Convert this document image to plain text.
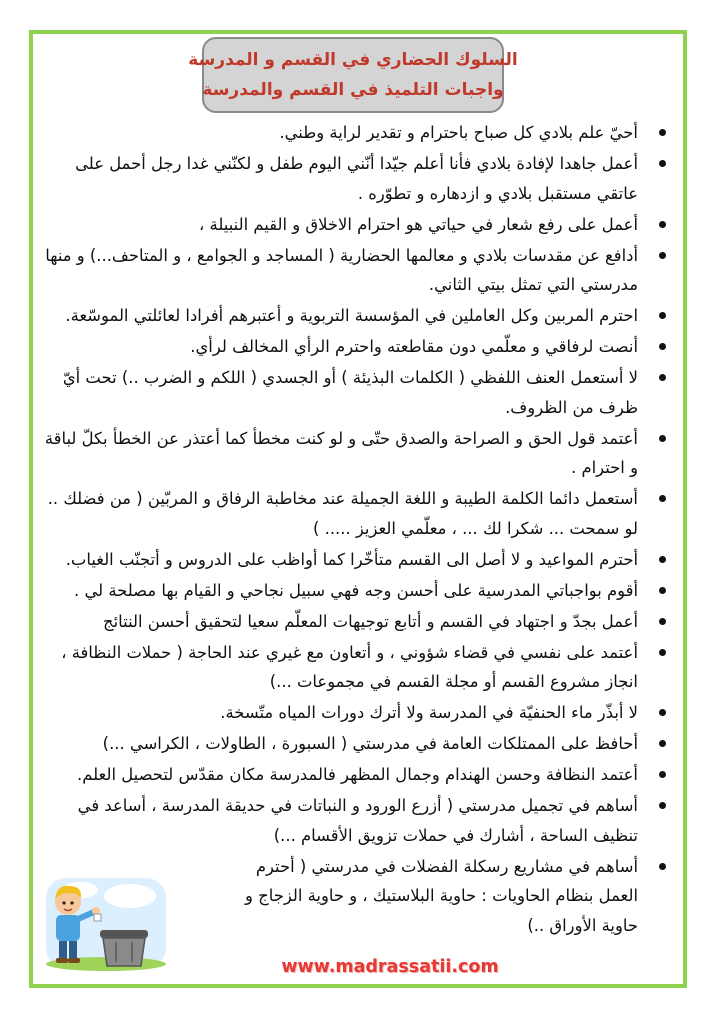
السلوك الحضاري في القسم و المدرسة
واجبات التلميذ في القسم والمدرسة
أحيّ علم بلادي كل صباح باحترام و تقدير لراية وطني.
أعمل جاهدا لإفادة بلادي فأنا أعلم جيّدا أنّني اليوم طفل و لكنّني غدا رجل أحمل على عاتقي مستقبل بلادي و ازدهاره و تطوّره .
أعمل على رفع شعار في حياتي هو احترام الاخلاق و القيم النبيلة ،
أدافع عن مقدسات بلادي و معالمها الحضارية ( المساجد و الجوامع ، و المتاحف...) و منها مدرستي التي تمثل بيتي الثاني.
احترم المربين وكل العاملين في المؤسسة التربوية و أعتبرهم أفرادا لعائلتي الموسّعة.
أنصت لرفاقي و معلّمي دون مقاطعته واحترم الرأي المخالف لرأي.
لا أستعمل العنف اللفظي ( الكلمات البذيئة ) أو الجسدي ( اللكم و الضرب ..) تحت أيّ ظرف من الظروف.
أعتمد قول الحق و الصراحة والصدق حتّى و لو كنت مخطأ كما أعتذر عن الخطأ بكلّ لباقة و احترام .
أستعمل دائما الكلمة الطيبة و اللغة الجميلة عند مخاطبة الرفاق و المربّين ( من فضلك .. لو سمحت ... شكرا لك ... ، معلّمي العزيز ..... )
أحترم المواعيد و لا أصل الى القسم متأخّرا كما أواظب على الدروس و أتجنّب الغياب.
أقوم بواجباتي المدرسية على أحسن وجه فهي سبيل نجاحي و القيام بها مصلحة لي .
أعمل بجدّ و اجتهاد في القسم و أتابع توجيهات المعلّم سعيا لتحقيق أحسن النتائج
أعتمد على نفسي في قضاء شؤوني ، و أتعاون مع غيري عند الحاجة ( حملات النظافة ، انجاز مشروع القسم أو مجلة القسم في مجموعات ...)
لا أبذّر ماء الحنفيّة في المدرسة ولا أترك دورات المياه متّسخة.
أحافظ على الممتلكات العامة في مدرستي ( السبورة ، الطاولات ، الكراسي ...)
أعتمد النظافة وحسن الهندام وجمال المظهر فالمدرسة مكان مقدّس لتحصيل العلم.
أساهم في تجميل مدرستي ( أزرع الورود و النباتات في حديقة المدرسة ، أساعد في تنظيف الساحة ، أشارك في حملات تزويق الأقسام ...)
أساهم في مشاريع رسكلة الفضلات في مدرستي ( أحترم العمل بنظام الحاويات : حاوية البلاستيك ، و حاوية الزجاج و حاوية الأوراق ..)
www.madrassatii.com
